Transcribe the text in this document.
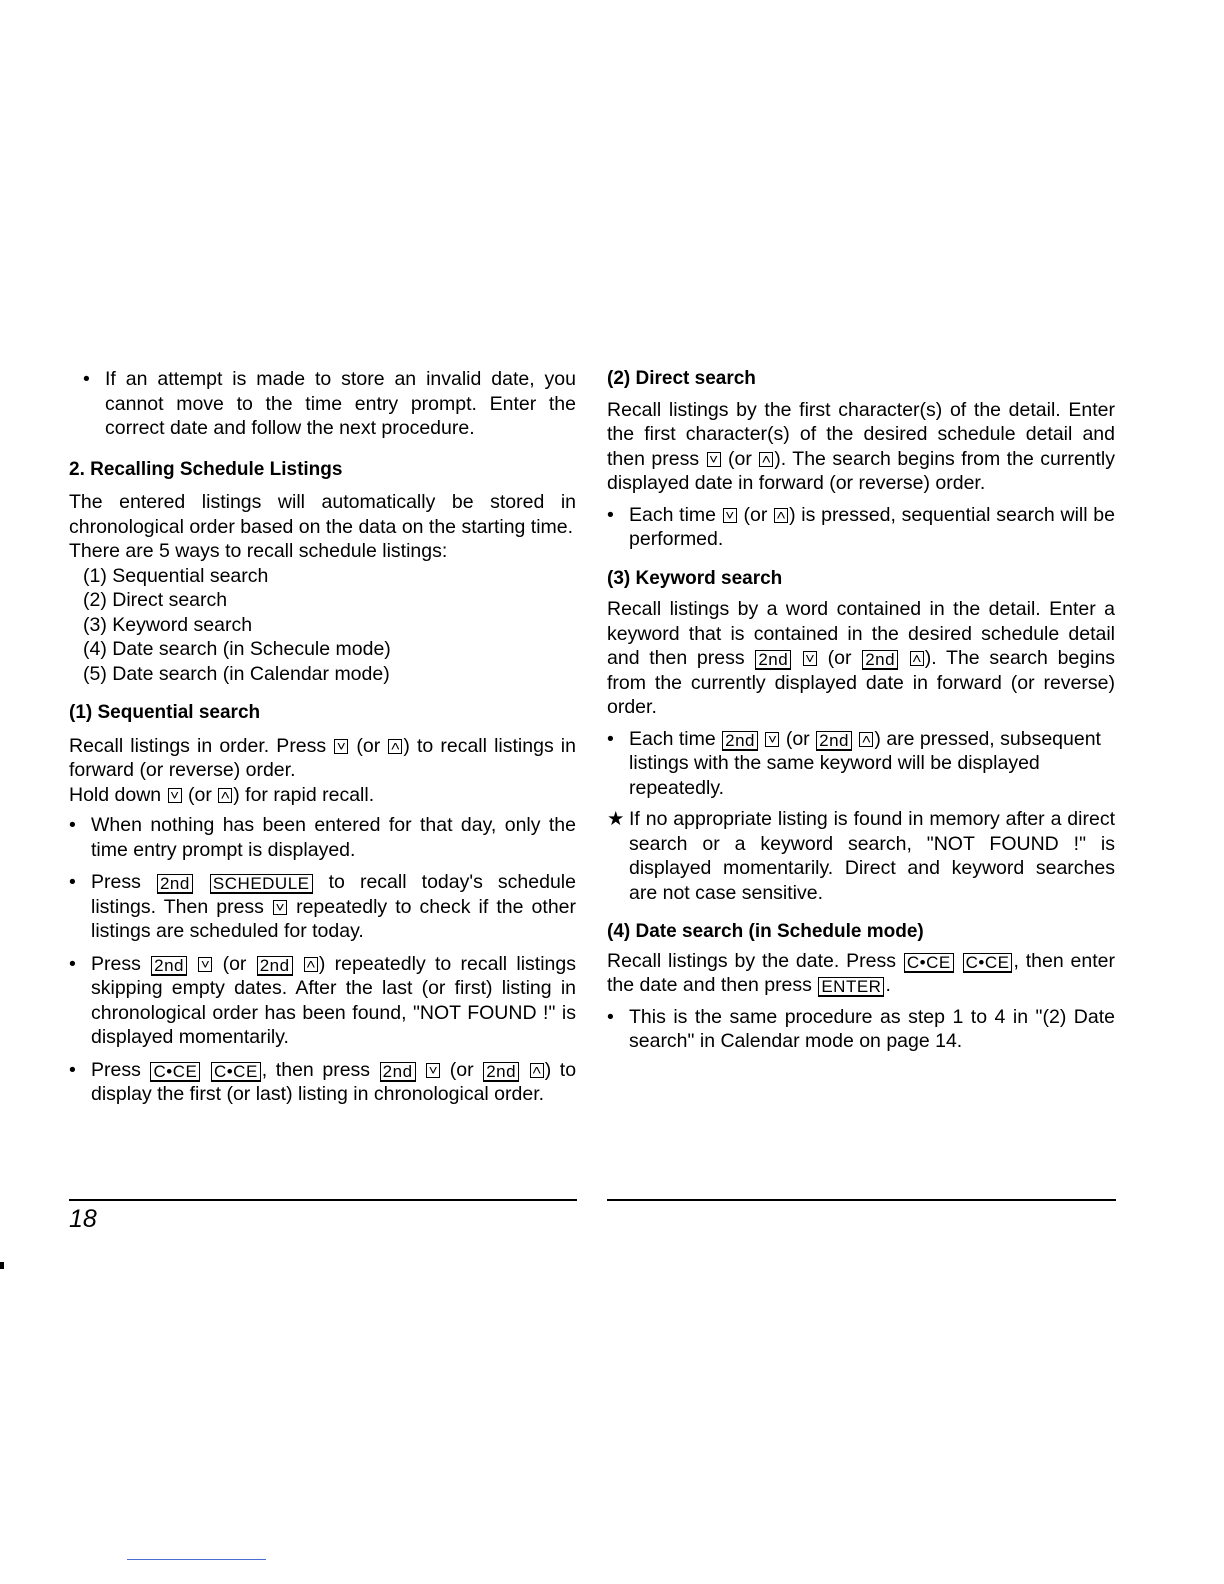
• If an attempt is made to store an invalid date, you cannot move to the time entry prompt. Enter the correct date and follow the next procedure.

2. Recalling Schedule Listings

The entered listings will automatically be stored in chronological order based on the data on the starting time.

There are 5 ways to recall schedule listings:

(1) Sequential search

(2) Direct search

(3) Keyword search

(4) Date search (in Schecule mode)

(5) Date search (in Calendar mode)

(1) Sequential search

Recall listings in order. Press (or ) to recall listings in forward (or reverse) order.

Hold down (or ) for rapid recall.

• When nothing has been entered for that day, only the time entry prompt is displayed.

• Press 2nd SCHEDULE to recall today's schedule listings. Then press repeatedly to check if the other listings are scheduled for today.

• Press 2nd (or 2nd ) repeatedly to recall listings skipping empty dates. After the last (or first) listing in chronological order has been found, "NOT FOUND !" is displayed momentarily.

• Press C•CE C•CE , then press 2nd (or 2nd ) to display the first (or last) listing in chronological order.

(2) Direct search

Recall listings by the first character(s) of the detail. Enter the first character(s) of the desired schedule detail and then press (or ). The search begins from the currently displayed date in forward (or reverse) order.

• Each time (or ) is pressed, sequential search will be performed.

(3) Keyword search

Recall listings by a word contained in the detail. Enter a keyword that is contained in the desired schedule detail and then press 2nd (or 2nd ). The search begins from the currently displayed date in forward (or reverse) order.

• Each time 2nd (or 2nd ) are pressed, subsequent listings with the same keyword will be displayed repeatedly.

★ If no appropriate listing is found in memory after a direct search or a keyword search, "NOT FOUND !" is displayed momentarily. Direct and keyword searches are not case sensitive.

(4) Date search (in Schedule mode)

Recall listings by the date. Press C•CE C•CE , then enter the date and then press ENTER .

• This is the same procedure as step 1 to 4 in "(2) Date search" in Calendar mode on page 14.

18
